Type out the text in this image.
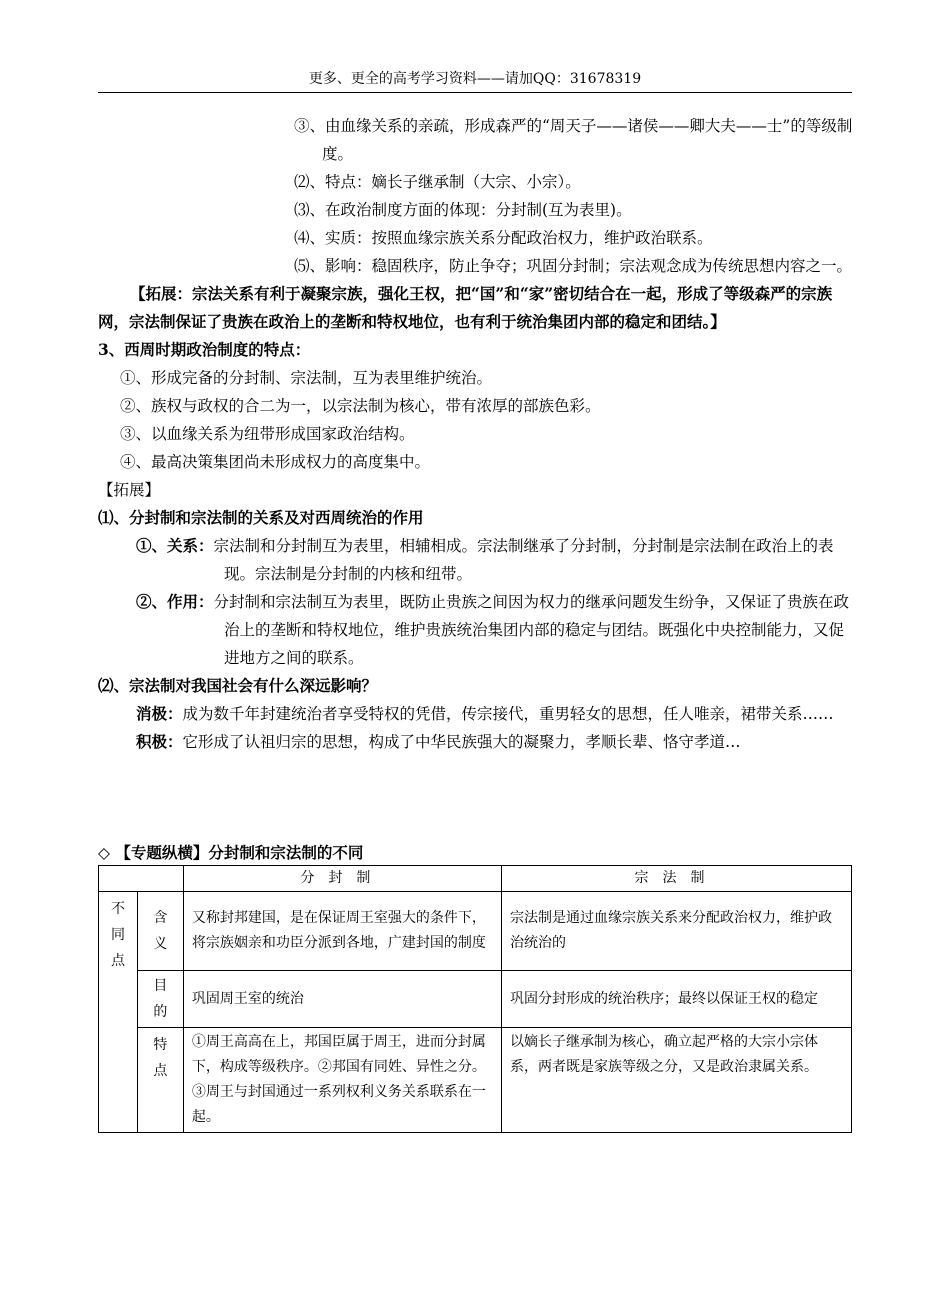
更多、更全的高考学习资料——请加QQ：31678319
③、由血缘关系的亲疏，形成森严的“周天子——诸侯——卿大夫——士”的等级制度。
⑵、特点：嫡长子继承制（大宗、小宗）。
⑶、在政治制度方面的体现：分封制(互为表里)。
⑷、实质：按照血缘宗族关系分配政治权力，维护政治联系。
⑸、影响：稳固秩序，防止争夺；巩固分封制；宗法观念成为传统思想内容之一。
【拓展：宗法关系有利于凝聚宗族，强化王权，把“国”和“家”密切结合在一起，形成了等级森严的宗族网，宗法制保证了贵族在政治上的垄断和特权地位，也有利于统治集团内部的稳定和团结。】
3、西周时期政治制度的特点：
①、形成完备的分封制、宗法制，互为表里维护统治。
②、族权与政权的合二为一，以宗法制为核心，带有浓厚的部族色彩。
③、以血缘关系为纽带形成国家政治结构。
④、最高决策集团尚未形成权力的高度集中。
【拓展】
⑴、分封制和宗法制的关系及对西周统治的作用
①、关系：宗法制和分封制互为表里，相辅相成。宗法制继承了分封制，分封制是宗法制在政治上的表现。宗法制是分封制的内核和纽带。
②、作用：分封制和宗法制互为表里，既防止贵族之间因为权力的继承问题发生纷争，又保证了贵族在政治上的垄断和特权地位，维护贵族统治集团内部的稳定与团结。既强化中央控制能力，又促进地方之间的联系。
⑵、宗法制对我国社会有什么深远影响？
消极：成为数千年封建统治者享受特权的凭借，传宗接代，重男轻女的思想，任人唯亲，裙带关系……
积极：它形成了认祖归宗的思想，构成了中华民族强大的凝聚力，孝顺长辈、恪守孝道…
◇ 【专题纵横】分封制和宗法制的不同
		分封制	宗法制

不同点	含义	又称封邦建国，是在保证周王室强大的条件下，将宗族姻亲和功臣分派到各地，广建封国的制度	宗法制是通过血缘宗族关系来分配政治权力，维护政治统治的

	目的	巩固周王室的统治	巩固分封形成的统治秩序；最终以保证王权的稳定

	特点	①周王高高在上，邦国臣属于周王，进而分封属下，构成等级秩序。②邦国有同姓、异性之分。③周王与封国通过一系列权利义务关系联系在一起。	以嫡长子继承制为核心，确立起严格的大宗小宗体系，两者既是家族等级之分，又是政治隶属关系。
